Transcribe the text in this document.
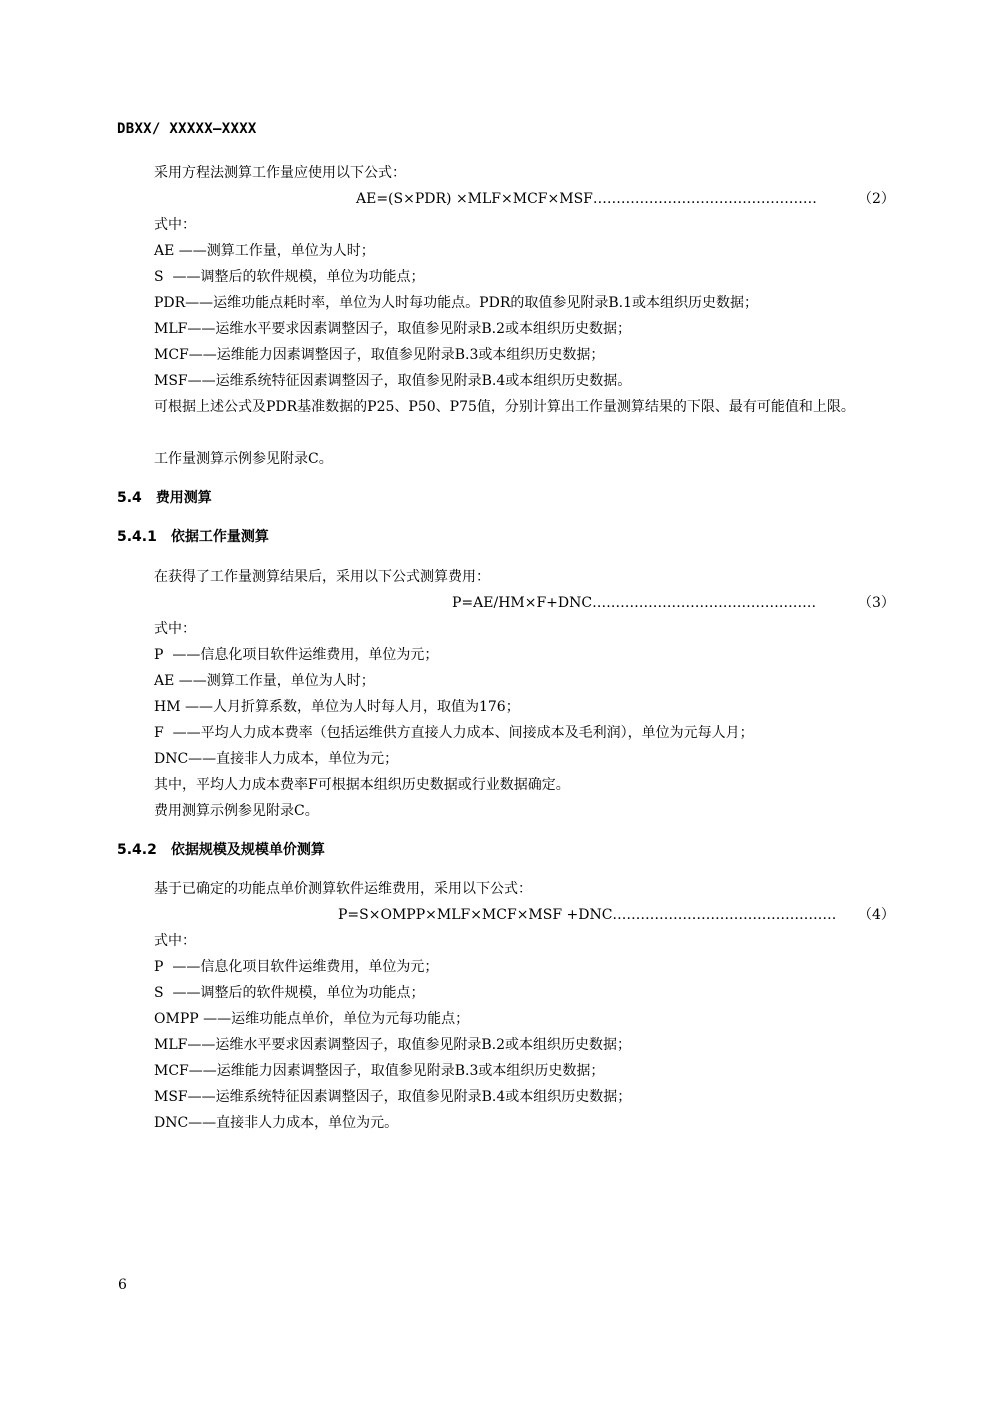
DBXX/ XXXXX—XXXX
采用方程法测算工作量应使用以下公式：
AE=(S×PDR) ×MLF×MCF×MSF…………………………………………	（2）
式中：
AE ——测算工作量，单位为人时；
S  ——调整后的软件规模，单位为功能点；
PDR——运维功能点耗时率，单位为人时每功能点。PDR的取值参见附录B.1或本组织历史数据；
MLF——运维水平要求因素调整因子，取值参见附录B.2或本组织历史数据；
MCF——运维能力因素调整因子，取值参见附录B.3或本组织历史数据；
MSF——运维系统特征因素调整因子，取值参见附录B.4或本组织历史数据。
可根据上述公式及PDR基准数据的P25、P50、P75值，分别计算出工作量测算结果的下限、最有可能值和上限。
工作量测算示例参见附录C。
5.4 费用测算
5.4.1 依据工作量测算
在获得了工作量测算结果后，采用以下公式测算费用：
P=AE/HM×F+DNC…………………………………………	（3）
式中：
P  ——信息化项目软件运维费用，单位为元；
AE ——测算工作量，单位为人时；
HM ——人月折算系数，单位为人时每人月，取值为176；
F  ——平均人力成本费率（包括运维供方直接人力成本、间接成本及毛利润），单位为元每人月；
DNC——直接非人力成本，单位为元；
其中，平均人力成本费率F可根据本组织历史数据或行业数据确定。
费用测算示例参见附录C。
5.4.2 依据规模及规模单价测算
基于已确定的功能点单价测算软件运维费用，采用以下公式：
P=S×OMPP×MLF×MCF×MSF +DNC………………………………………… （4）
式中：
P  ——信息化项目软件运维费用，单位为元；
S  ——调整后的软件规模，单位为功能点；
OMPP ——运维功能点单价，单位为元每功能点；
MLF——运维水平要求因素调整因子，取值参见附录B.2或本组织历史数据；
MCF——运维能力因素调整因子，取值参见附录B.3或本组织历史数据；
MSF——运维系统特征因素调整因子，取值参见附录B.4或本组织历史数据；
DNC——直接非人力成本，单位为元。
6
